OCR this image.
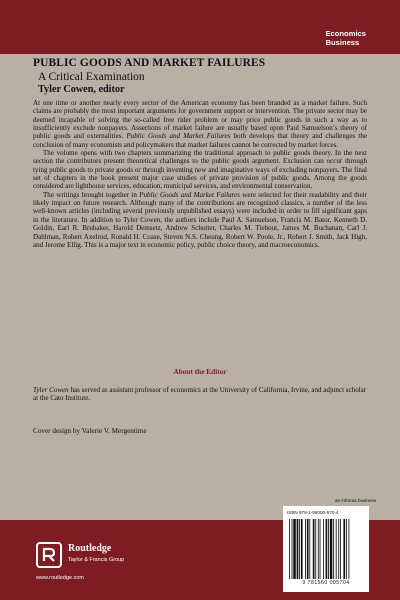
Economics
Business
PUBLIC GOODS AND MARKET FAILURES
A Critical Examination
Tyler Cowen, editor

At one time or another nearly every sector of the American economy has been branded as a market failure. Such claims are probably the most important arguments for government support or intervention. The private sector may be deemed incapable of solving the so-called free rider problem or may price public goods in such a way as to insufficiently exclude nonpayers. Assertions of market failure are usually based upon Paul Samuelson’s theory of public goods and externalities. Public Goods and Market Failures both develops that theory and challenges the conclusion of many economists and policymakers that market failures cannot be corrected by market forces.

The volume opens with two chapters summarizing the traditional approach to public goods theory. In the next section the contributors present theoretical challenges to the public goods argument. Exclusion can occur through tying public goods to private goods or through inventing new and imaginative ways of excluding nonpayers. The final set of chapters in the book present major case studies of private provision of public goods. Among the goods considered are lighthouse services, education, municipal services, and environmental conservation.

The writings brought together in Public Goods and Market Failures were selected for their readability and their likely impact on future research. Although many of the contributions are recognized classics, a number of the less well-known articles (including several previously unpublished essays) were included in order to fill significant gaps in the literature. In addition to Tyler Cowen, the authors include Paul A. Samuelson, Francis M. Bator, Kenneth D. Goldin, Earl R. Brubaker, Harold Demsetz, Andrew Schotter, Charles M. Tiebout, James M. Buchanan, Carl J. Dahlman, Robert Axelrod, Ronald H. Coase, Steven N.S. Cheung, Robert W. Poole, Jr., Robert J. Smith, Jack High, and Jerome Ellig. This is a major text in economic policy, public choice theory, and macroeconomics.

About the Editor
Tyler Cowen has served as assistant professor of economics at the University of California, Irvine, and adjunct scholar at the Cato Institute.
Cover design by Valerie V. Mergentime
an informa business
Routledge
Taylor & Francis Group
www.routledge.com
ISBN 978-1-56000-570-4
9 781560 005704
